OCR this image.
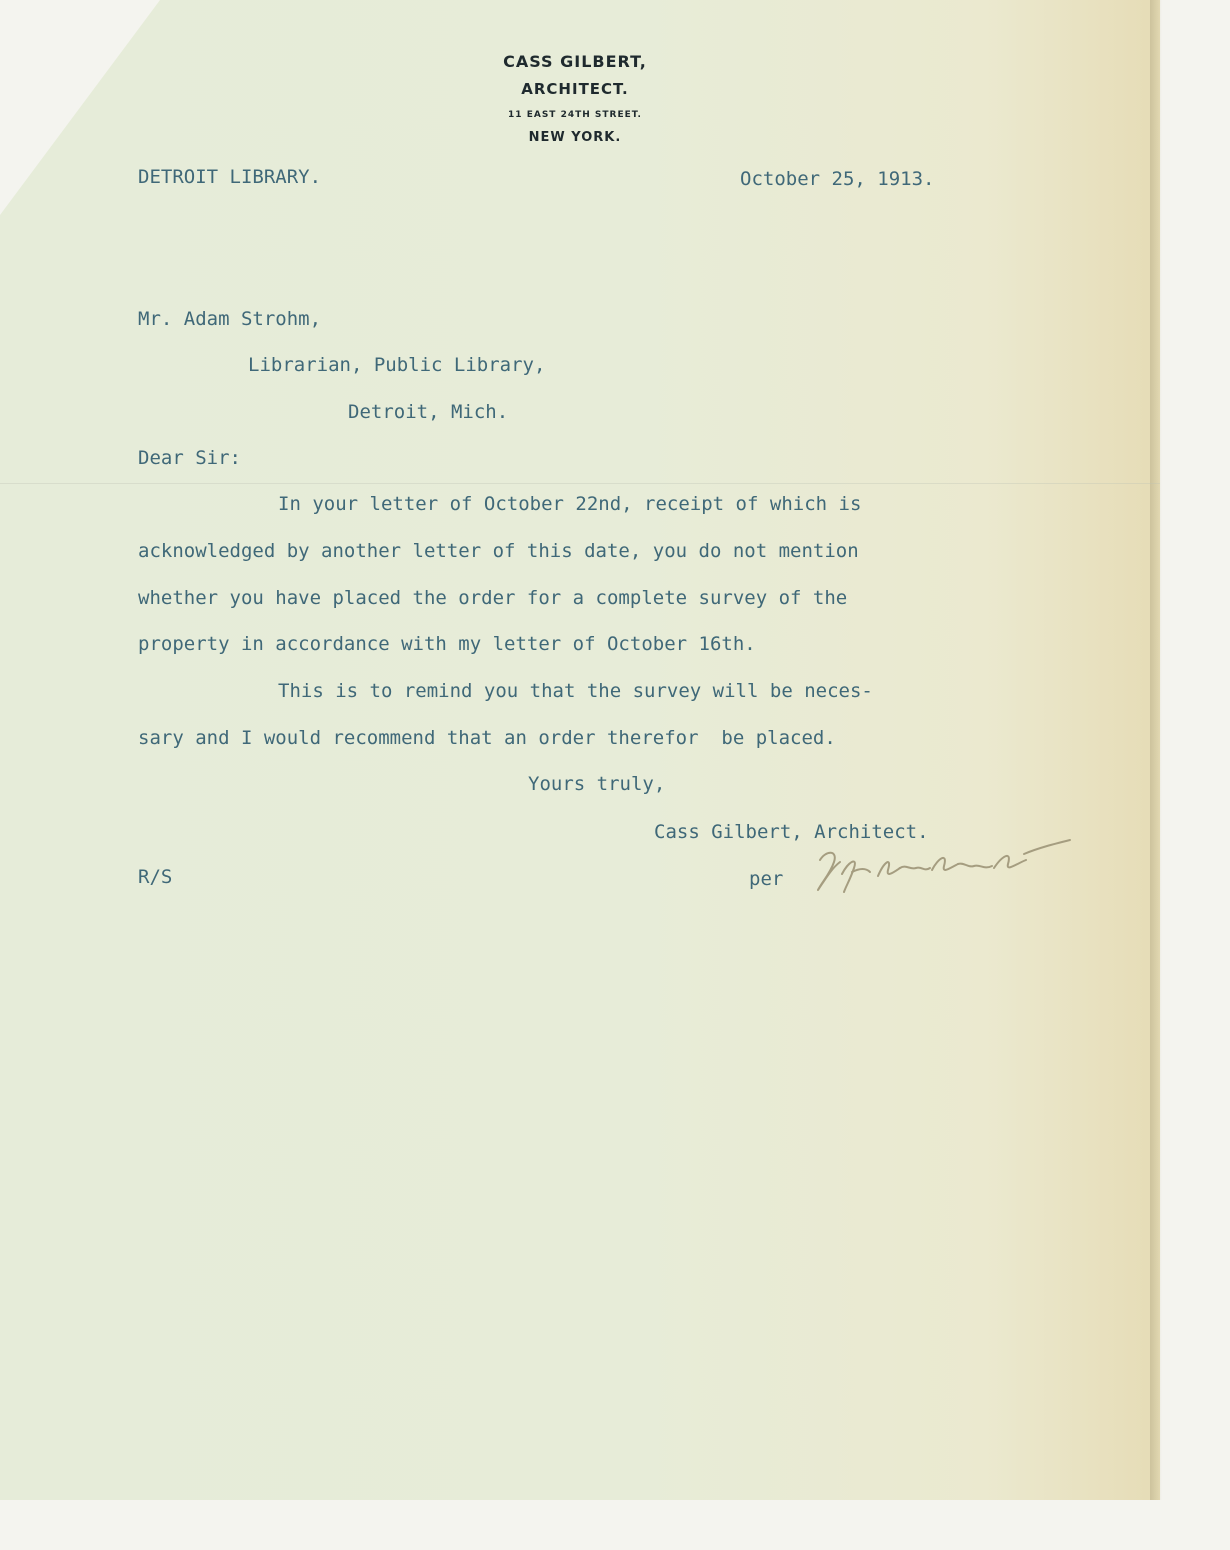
CASS GILBERT,
ARCHITECT.
11 EAST 24TH STREET.
NEW YORK.
DETROIT LIBRARY.	October 25, 1913.
Mr. Adam Strohm,
Librarian, Public Library,
Detroit, Mich.
Dear Sir:
In your letter of October 22nd, receipt of which is
acknowledged by another letter of this date, you do not mention
whether you have placed the order for a complete survey of the
property in accordance with my letter of October 16th.
This is to remind you that the survey will be neces-
sary and I would recommend that an order therefor  be placed.
Yours truly,
Cass Gilbert, Architect.
R/S	per
